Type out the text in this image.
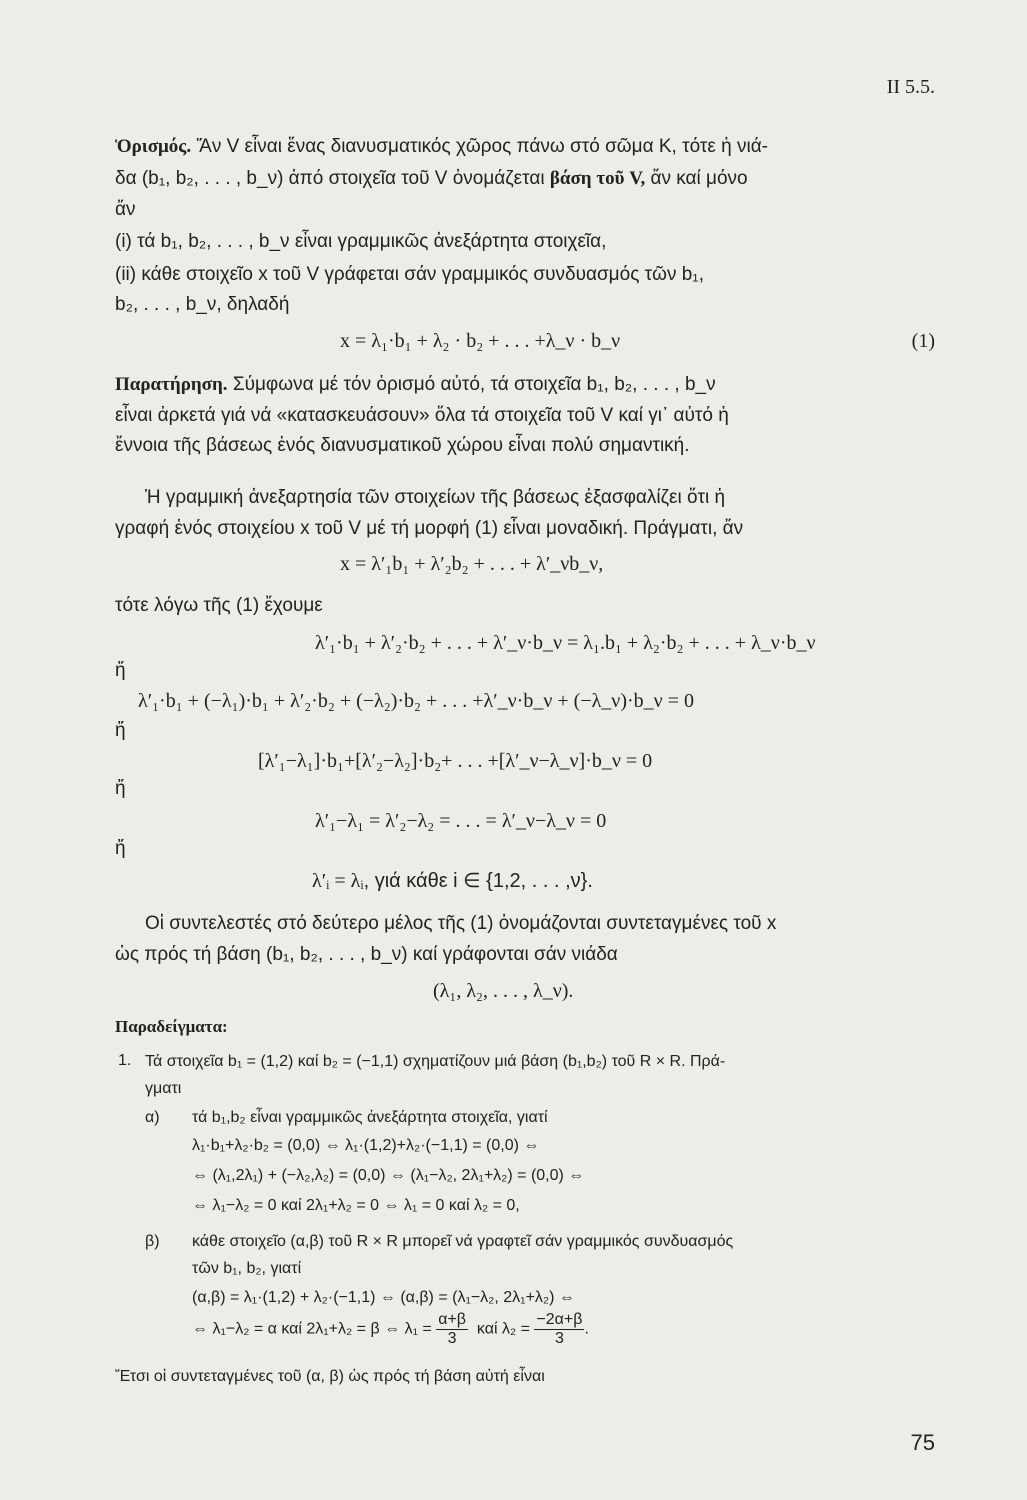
II 5.5.
Ὁρισμός. Ἄν V εἶναι ἕνας διανυσματικός χῶρος πάνω στό σῶμα K, τότε ἡ νιά-
δα (b₁, b₂, . . . , b_ν) ἀπό στοιχεῖα τοῦ V ὀνομάζεται βάση τοῦ V, ἄν καί μόνο
ἄν
(i) τά b₁, b₂, . . . , b_ν εἶναι γραμμικῶς ἀνεξάρτητα στοιχεῖα,
(ii) κάθε στοιχεῖο x τοῦ V γράφεται σάν γραμμικός συνδυασμός τῶν b₁,
b₂, . . . , b_ν, δηλαδή
x = λ₁·b₁ + λ₂ · b₂ + . . . +λ_ν · b_ν	(1)
Παρατήρηση. Σύμφωνα μέ τόν ὁρισμό αὐτό, τά στοιχεῖα b₁, b₂, . . . , b_ν
εἶναι ἀρκετά γιά νά «κατασκευάσουν» ὅλα τά στοιχεῖα τοῦ V καί γι᾽ αὐτό ἡ
ἔννοια τῆς βάσεως ἑνός διανυσματικοῦ χώρου εἶναι πολύ σημαντική.
Ἡ γραμμική ἀνεξαρτησία τῶν στοιχείων τῆς βάσεως ἐξασφαλίζει ὅτι ἡ
γραφή ἑνός στοιχείου x τοῦ V μέ τή μορφή (1) εἶναι μοναδική. Πράγματι, ἄν
x = λ′₁b₁ + λ′₂b₂ + . . . + λ′_νb_ν,
τότε λόγω τῆς (1) ἔχουμε
λ′₁·b₁ + λ′₂·b₂ + . . . + λ′_ν·b_ν = λ₁.b₁ + λ₂·b₂ + . . . + λ_ν·b_ν
ἤ
λ′₁·b₁ + (−λ₁)·b₁ + λ′₂·b₂ + (−λ₂)·b₂ + . . . +λ′_ν·b_ν + (−λ_ν)·b_ν = 0
ἤ
[λ′₁−λ₁]·b₁+[λ′₂−λ₂]·b₂+ . . . +[λ′_ν−λ_ν]·b_ν = 0
ἤ
λ′₁−λ₁ = λ′₂−λ₂ = . . . = λ′_ν−λ_ν = 0
ἤ
λ′ᵢ = λᵢ, γιά κάθε i ∈ {1,2, . . . ,ν}.
Οἱ συντελεστές στό δεύτερο μέλος τῆς (1) ὀνομάζονται συντεταγμένες τοῦ x
ὡς πρός τή βάση (b₁, b₂, . . . , b_ν) καί γράφονται σάν νιάδα
(λ₁, λ₂, . . . , λ_ν).
Παραδείγματα:
1. Τά στοιχεῖα b₁ = (1,2) καί b₂ = (−1,1) σχηματίζουν μιά βάση (b₁,b₂) τοῦ R × R. Πρά-
γματι
α) τά b₁,b₂ εἶναι γραμμικῶς ἀνεξάρτητα στοιχεῖα, γιατί
λ₁·b₁+λ₂·b₂ = (0,0) ⇔ λ₁·(1,2)+λ₂·(−1,1) = (0,0) ⇔
⇔ (λ₁,2λ₁) + (−λ₂,λ₂) = (0,0) ⇔ (λ₁−λ₂, 2λ₁+λ₂) = (0,0) ⇔
⇔ λ₁−λ₂ = 0 καί 2λ₁+λ₂ = 0 ⇔ λ₁ = 0 καί λ₂ = 0,
β) κάθε στοιχεῖο (α,β) τοῦ R × R μπορεῖ νά γραφτεῖ σάν γραμμικός συνδυασμός
τῶν b₁, b₂, γιατί
(α,β) = λ₁·(1,2) + λ₂·(−1,1) ⇔ (α,β) = (λ₁−λ₂, 2λ₁+λ₂) ⇔
⇔ λ₁−λ₂ = α καί 2λ₁+λ₂ = β ⇔ $\lambda_1 = \frac{\alpha+\beta}{3}$ καί $\lambda_2 = \frac{-2\alpha+\beta}{3}$ .
Ἔτσι οἱ συντεταγμένες τοῦ (α, β) ὡς πρός τή βάση αὐτή εἶναι
75
